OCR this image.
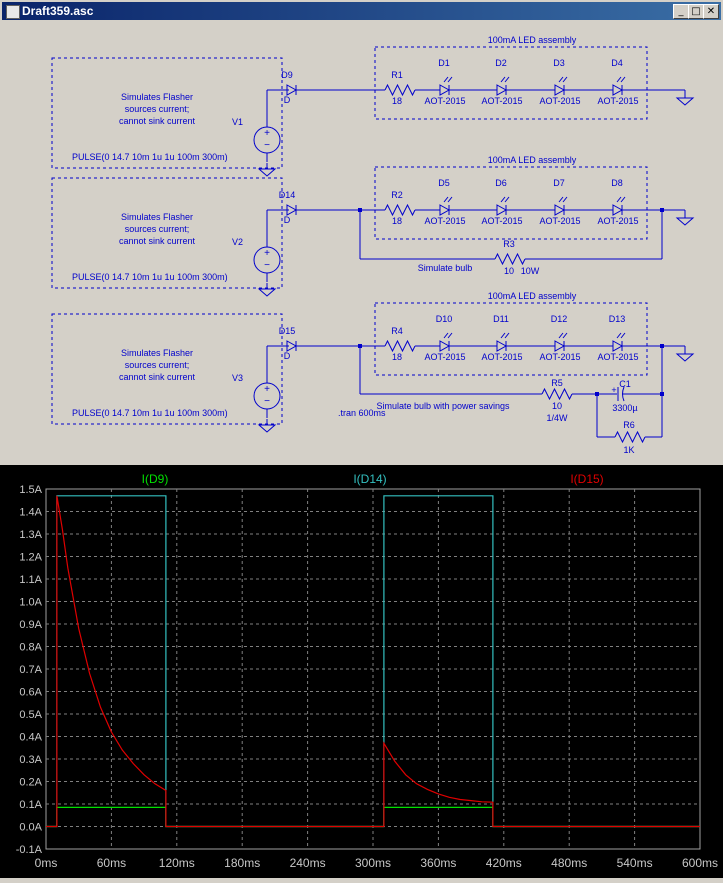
Draft359.asc	_ □ ✕
Simulates Flasher
sources current;
cannot sink current	V1
+
−
PULSE(0 14.7 10m 1u 1u 100m 300m)
D9
D
100mA LED assembly
R1
18
D1
AOT-2015
D2
AOT-2015
D3
AOT-2015
D4
AOT-2015
Simulates Flasher
sources current;
cannot sink current	V2
+
−
PULSE(0 14.7 10m 1u 1u 100m 300m)
D14
D
100mA LED assembly
R2
18
D5
AOT-2015
D6
AOT-2015
D7
AOT-2015
D8
AOT-2015
R3
10 10W
Simulate bulb
Simulates Flasher
sources current;
cannot sink current	V3
+
−
PULSE(0 14.7 10m 1u 1u 100m 300m)
D15
D
100mA LED assembly
R4
18
D10
AOT-2015
D11
AOT-2015
D12
AOT-2015
D13
AOT-2015
R5
10
1/4W
Simulate bulb with power savings
+
C1
3300µ
R6
1K
.tran 600ms
0ms	60ms	120ms 180ms 240ms 300ms 360ms 420ms 480ms 540ms 600ms
-0.1A
0.0A
0.1A
0.2A
0.3A
0.4A
0.5A
0.6A
0.7A
0.8A
0.9A
1.0A
1.1A
1.2A
1.3A
1.4A
1.5A
I(D9)	I(D14)	I(D15)
